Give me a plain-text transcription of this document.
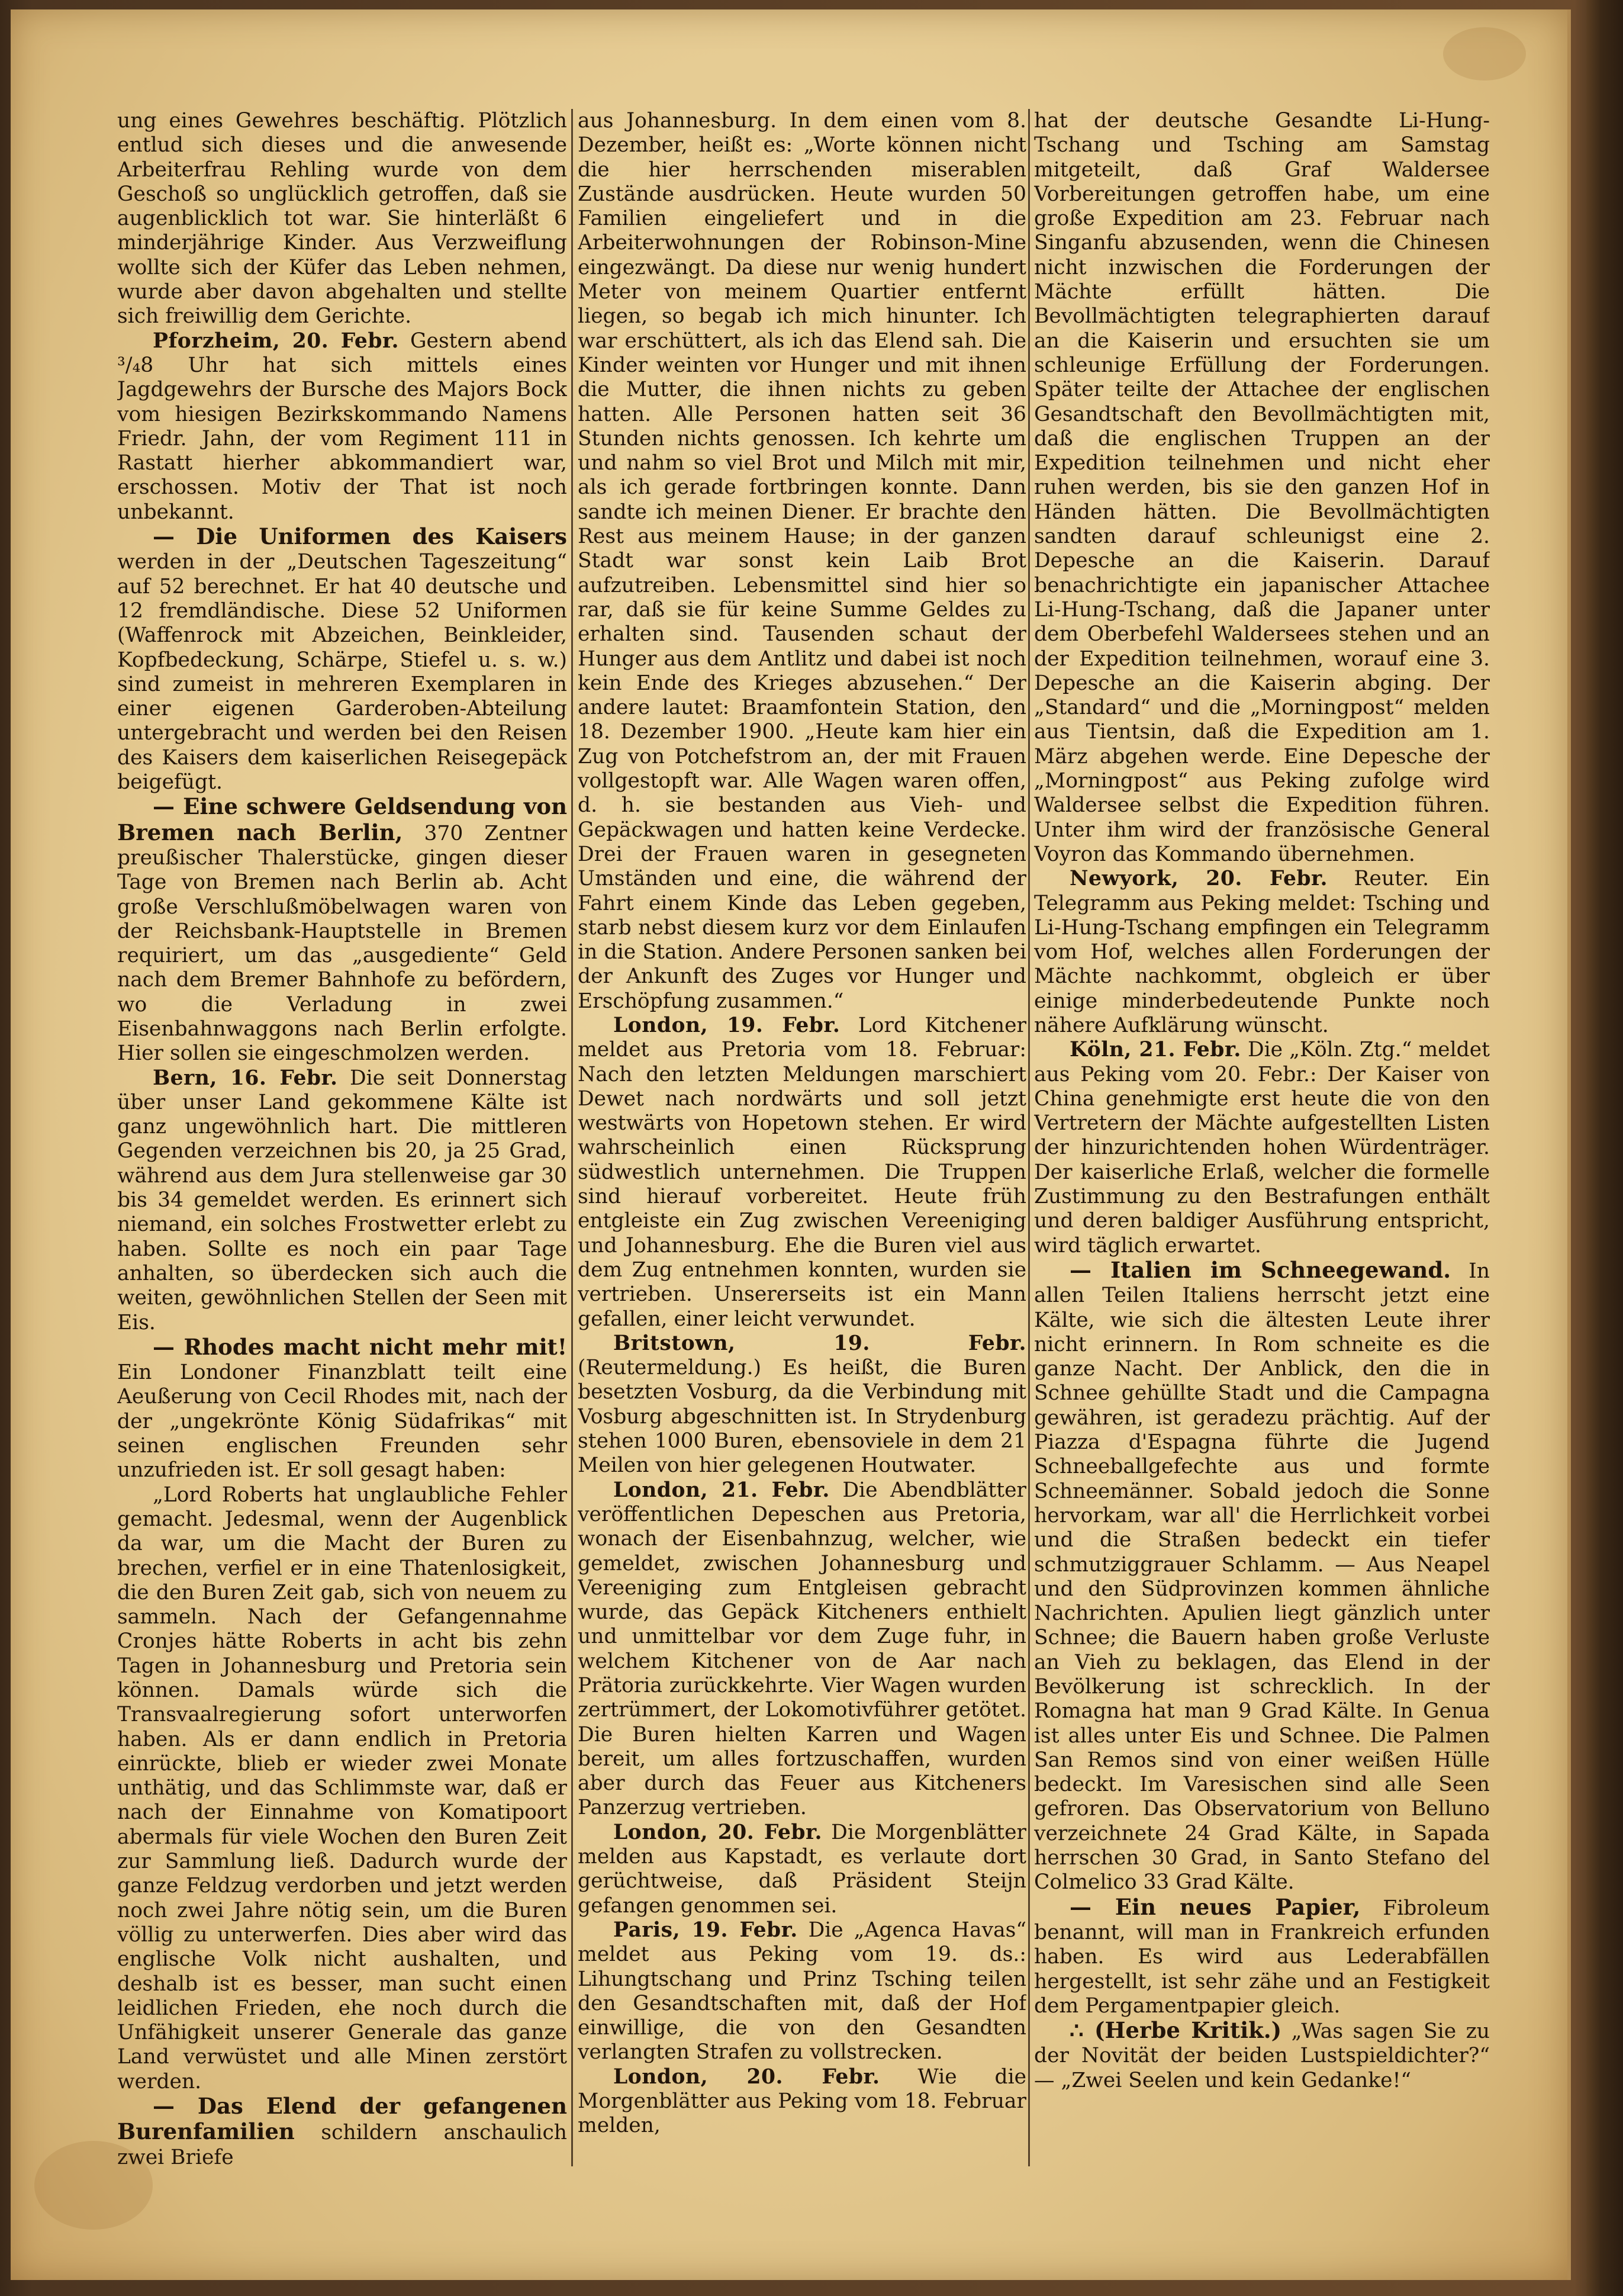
ung eines Gewehres beschäftig. Plötzlich entlud sich dieses und die anwesende Arbeiterfrau Rehling wurde von dem Geschoß so unglücklich getroffen, daß sie augenblicklich tot war. Sie hinterläßt 6 minderjährige Kinder. Aus Verzweiflung wollte sich der Küfer das Leben nehmen, wurde aber davon abgehalten und stellte sich freiwillig dem Gerichte.

Pforzheim, 20. Febr. Gestern abend ³/₄8 Uhr hat sich mittels eines Jagdgewehrs der Bursche des Majors Bock vom hiesigen Bezirkskommando Namens Friedr. Jahn, der vom Regiment 111 in Rastatt hierher abkommandiert war, erschossen. Motiv der That ist noch unbekannt.

— Die Uniformen des Kaisers werden in der „Deutschen Tageszeitung“ auf 52 berechnet. Er hat 40 deutsche und 12 fremdländische. Diese 52 Uniformen (Waffenrock mit Abzeichen, Beinkleider, Kopfbedeckung, Schärpe, Stiefel u. s. w.) sind zumeist in mehreren Exemplaren in einer eigenen Garderoben-Abteilung untergebracht und werden bei den Reisen des Kaisers dem kaiserlichen Reisegepäck beigefügt.

— Eine schwere Geldsendung von Bremen nach Berlin, 370 Zentner preußischer Thalerstücke, gingen dieser Tage von Bremen nach Berlin ab. Acht große Verschlußmöbelwagen waren von der Reichsbank-Hauptstelle in Bremen requiriert, um das „ausgediente“ Geld nach dem Bremer Bahnhofe zu befördern, wo die Verladung in zwei Eisenbahnwaggons nach Berlin erfolgte. Hier sollen sie eingeschmolzen werden.

Bern, 16. Febr. Die seit Donnerstag über unser Land gekommene Kälte ist ganz ungewöhnlich hart. Die mittleren Gegenden verzeichnen bis 20, ja 25 Grad, während aus dem Jura stellenweise gar 30 bis 34 gemeldet werden. Es erinnert sich niemand, ein solches Frostwetter erlebt zu haben. Sollte es noch ein paar Tage anhalten, so überdecken sich auch die weiten, gewöhnlichen Stellen der Seen mit Eis.

— Rhodes macht nicht mehr mit! Ein Londoner Finanzblatt teilt eine Aeußerung von Cecil Rhodes mit, nach der der „ungekrönte König Südafrikas“ mit seinen englischen Freunden sehr unzufrieden ist. Er soll gesagt haben:

„Lord Roberts hat unglaubliche Fehler gemacht. Jedesmal, wenn der Augenblick da war, um die Macht der Buren zu brechen, verfiel er in eine Thatenlosigkeit, die den Buren Zeit gab, sich von neuem zu sammeln. Nach der Gefangennahme Cronjes hätte Roberts in acht bis zehn Tagen in Johannesburg und Pretoria sein können. Damals würde sich die Transvaalregierung sofort unterworfen haben. Als er dann endlich in Pretoria einrückte, blieb er wieder zwei Monate unthätig, und das Schlimmste war, daß er nach der Einnahme von Komatipoort abermals für viele Wochen den Buren Zeit zur Sammlung ließ. Dadurch wurde der ganze Feldzug verdorben und jetzt werden noch zwei Jahre nötig sein, um die Buren völlig zu unterwerfen. Dies aber wird das englische Volk nicht aushalten, und deshalb ist es besser, man sucht einen leidlichen Frieden, ehe noch durch die Unfähigkeit unserer Generale das ganze Land verwüstet und alle Minen zerstört werden.

— Das Elend der gefangenen Burenfamilien schildern anschaulich zwei Briefe

aus Johannesburg. In dem einen vom 8. Dezember, heißt es: „Worte können nicht die hier herrschenden miserablen Zustände ausdrücken. Heute wurden 50 Familien eingeliefert und in die Arbeiterwohnungen der Robinson-Mine eingezwängt. Da diese nur wenig hundert Meter von meinem Quartier entfernt liegen, so begab ich mich hinunter. Ich war erschüttert, als ich das Elend sah. Die Kinder weinten vor Hunger und mit ihnen die Mutter, die ihnen nichts zu geben hatten. Alle Personen hatten seit 36 Stunden nichts genossen. Ich kehrte um und nahm so viel Brot und Milch mit mir, als ich gerade fortbringen konnte. Dann sandte ich meinen Diener. Er brachte den Rest aus meinem Hause; in der ganzen Stadt war sonst kein Laib Brot aufzutreiben. Lebensmittel sind hier so rar, daß sie für keine Summe Geldes zu erhalten sind. Tausenden schaut der Hunger aus dem Antlitz und dabei ist noch kein Ende des Krieges abzusehen.“ Der andere lautet: Braamfontein Station, den 18. Dezember 1900. „Heute kam hier ein Zug von Potchefstrom an, der mit Frauen vollgestopft war. Alle Wagen waren offen, d. h. sie bestanden aus Vieh- und Gepäckwagen und hatten keine Verdecke. Drei der Frauen waren in gesegneten Umständen und eine, die während der Fahrt einem Kinde das Leben gegeben, starb nebst diesem kurz vor dem Einlaufen in die Station. Andere Personen sanken bei der Ankunft des Zuges vor Hunger und Erschöpfung zusammen.“

London, 19. Febr. Lord Kitchener meldet aus Pretoria vom 18. Februar: Nach den letzten Meldungen marschiert Dewet nach nordwärts und soll jetzt westwärts von Hopetown stehen. Er wird wahrscheinlich einen Rücksprung südwestlich unternehmen. Die Truppen sind hierauf vorbereitet. Heute früh entgleiste ein Zug zwischen Vereeniging und Johannesburg. Ehe die Buren viel aus dem Zug entnehmen konnten, wurden sie vertrieben. Unsererseits ist ein Mann gefallen, einer leicht verwundet.

Britstown, 19. Febr. (Reutermeldung.) Es heißt, die Buren besetzten Vosburg, da die Verbindung mit Vosburg abgeschnitten ist. In Strydenburg stehen 1000 Buren, ebensoviele in dem 21 Meilen von hier gelegenen Houtwater.

London, 21. Febr. Die Abendblätter veröffentlichen Depeschen aus Pretoria, wonach der Eisenbahnzug, welcher, wie gemeldet, zwischen Johannesburg und Vereeniging zum Entgleisen gebracht wurde, das Gepäck Kitcheners enthielt und unmittelbar vor dem Zuge fuhr, in welchem Kitchener von de Aar nach Prätoria zurückkehrte. Vier Wagen wurden zertrümmert, der Lokomotivführer getötet. Die Buren hielten Karren und Wagen bereit, um alles fortzuschaffen, wurden aber durch das Feuer aus Kitcheners Panzerzug vertrieben.

London, 20. Febr. Die Morgenblätter melden aus Kapstadt, es verlaute dort gerüchtweise, daß Präsident Steijn gefangen genommen sei.

Paris, 19. Febr. Die „Agenca Havas“ meldet aus Peking vom 19. ds.: Lihungtschang und Prinz Tsching teilen den Gesandtschaften mit, daß der Hof einwillige, die von den Gesandten verlangten Strafen zu vollstrecken.

London, 20. Febr. Wie die Morgenblätter aus Peking vom 18. Februar melden,

hat der deutsche Gesandte Li-Hung-Tschang und Tsching am Samstag mitgeteilt, daß Graf Waldersee Vorbereitungen getroffen habe, um eine große Expedition am 23. Februar nach Singanfu abzusenden, wenn die Chinesen nicht inzwischen die Forderungen der Mächte erfüllt hätten. Die Bevollmächtigten telegraphierten darauf an die Kaiserin und ersuchten sie um schleunige Erfüllung der Forderungen. Später teilte der Attachee der englischen Gesandtschaft den Bevollmächtigten mit, daß die englischen Truppen an der Expedition teilnehmen und nicht eher ruhen werden, bis sie den ganzen Hof in Händen hätten. Die Bevollmächtigten sandten darauf schleunigst eine 2. Depesche an die Kaiserin. Darauf benachrichtigte ein japanischer Attachee Li-Hung-Tschang, daß die Japaner unter dem Oberbefehl Waldersees stehen und an der Expedition teilnehmen, worauf eine 3. Depesche an die Kaiserin abging. Der „Standard“ und die „Morningpost“ melden aus Tientsin, daß die Expedition am 1. März abgehen werde. Eine Depesche der „Morningpost“ aus Peking zufolge wird Waldersee selbst die Expedition führen. Unter ihm wird der französische General Voyron das Kommando übernehmen.

Newyork, 20. Febr. Reuter. Ein Telegramm aus Peking meldet: Tsching und Li-Hung-Tschang empfingen ein Telegramm vom Hof, welches allen Forderungen der Mächte nachkommt, obgleich er über einige minderbedeutende Punkte noch nähere Aufklärung wünscht.

Köln, 21. Febr. Die „Köln. Ztg.“ meldet aus Peking vom 20. Febr.: Der Kaiser von China genehmigte erst heute die von den Vertretern der Mächte aufgestellten Listen der hinzurichtenden hohen Würdenträger. Der kaiserliche Erlaß, welcher die formelle Zustimmung zu den Bestrafungen enthält und deren baldiger Ausführung entspricht, wird täglich erwartet.

— Italien im Schneegewand. In allen Teilen Italiens herrscht jetzt eine Kälte, wie sich die ältesten Leute ihrer nicht erinnern. In Rom schneite es die ganze Nacht. Der Anblick, den die in Schnee gehüllte Stadt und die Campagna gewähren, ist geradezu prächtig. Auf der Piazza d'Espagna führte die Jugend Schneeballgefechte aus und formte Schneemänner. Sobald jedoch die Sonne hervorkam, war all' die Herrlichkeit vorbei und die Straßen bedeckt ein tiefer schmutziggrauer Schlamm. — Aus Neapel und den Südprovinzen kommen ähnliche Nachrichten. Apulien liegt gänzlich unter Schnee; die Bauern haben große Verluste an Vieh zu beklagen, das Elend in der Bevölkerung ist schrecklich. In der Romagna hat man 9 Grad Kälte. In Genua ist alles unter Eis und Schnee. Die Palmen San Remos sind von einer weißen Hülle bedeckt. Im Varesischen sind alle Seen gefroren. Das Observatorium von Belluno verzeichnete 24 Grad Kälte, in Sapada herrschen 30 Grad, in Santo Stefano del Colmelico 33 Grad Kälte.

— Ein neues Papier, Fibroleum benannt, will man in Frankreich erfunden haben. Es wird aus Lederabfällen hergestellt, ist sehr zähe und an Festigkeit dem Pergamentpapier gleich.

∴ (Herbe Kritik.) „Was sagen Sie zu der Novität der beiden Lustspieldichter?“ — „Zwei Seelen und kein Gedanke!“
